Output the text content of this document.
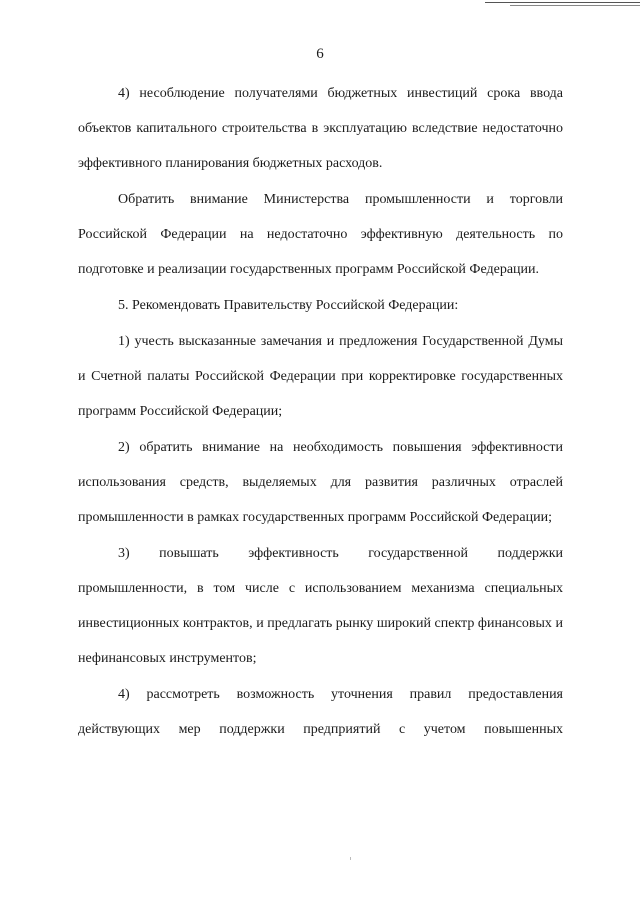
6

4) несоблюдение получателями бюджетных инвестиций срока ввода объектов капитального строительства в эксплуатацию вследствие недостаточно эффективного планирования бюджетных расходов.

Обратить внимание Министерства промышленности и торговли Российской Федерации на недостаточно эффективную деятельность по подготовке и реализации государственных программ Российской Федерации.

5. Рекомендовать Правительству Российской Федерации:

1) учесть высказанные замечания и предложения Государственной Думы и Счетной палаты Российской Федерации при корректировке государственных программ Российской Федерации;

2) обратить внимание на необходимость повышения эффективности использования средств, выделяемых для развития различных отраслей промышленности в рамках государственных программ Российской Федерации;

3) повышать эффективность государственной поддержки промышленности, в том числе с использованием механизма специальных инвестиционных контрактов, и предлагать рынку широкий спектр финансовых и нефинансовых инструментов;

4) рассмотреть возможность уточнения правил предоставления действующих мер поддержки предприятий с учетом повышенных
